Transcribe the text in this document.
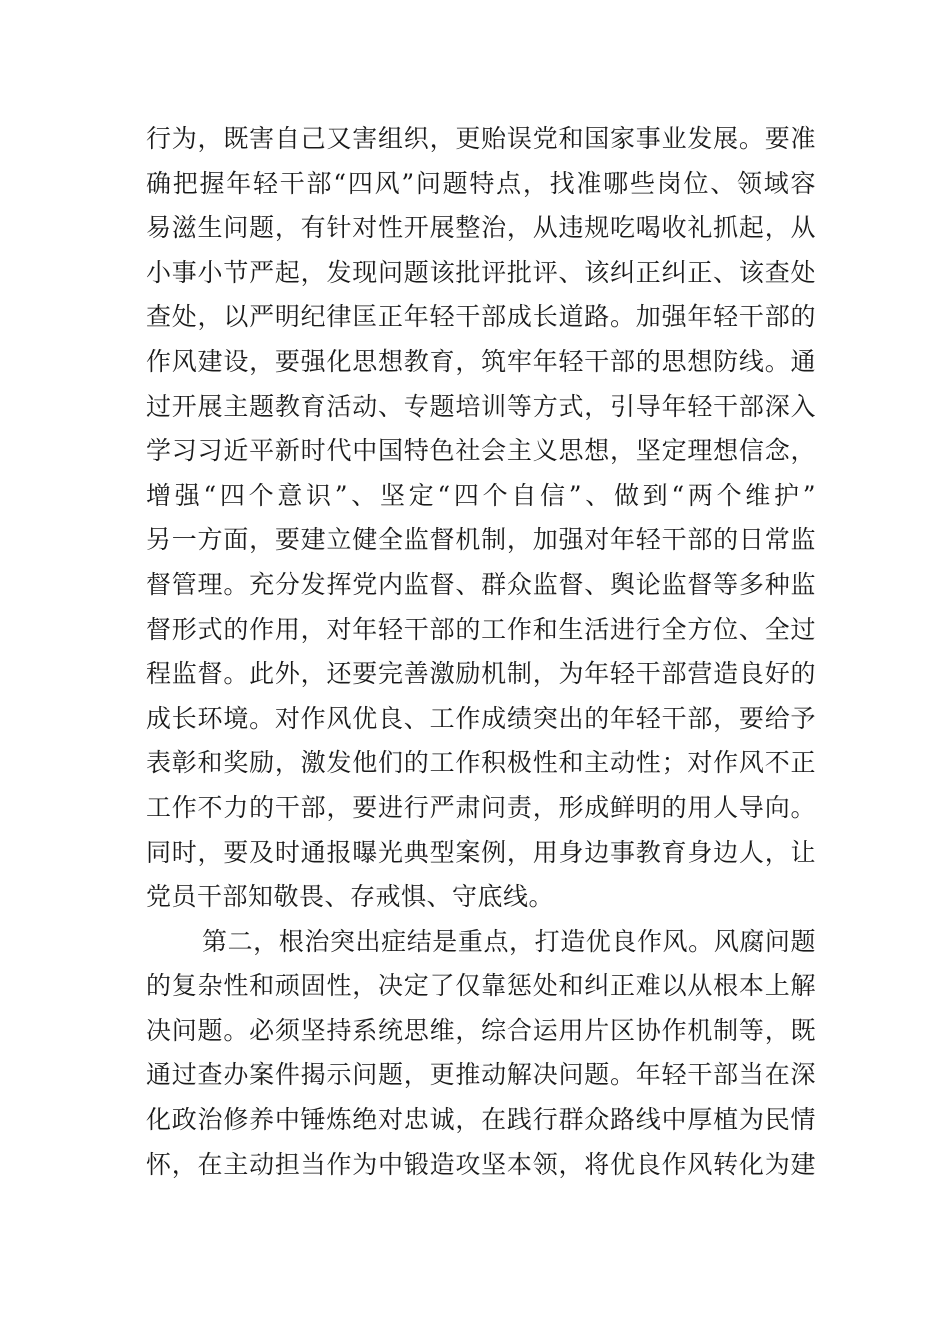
行为，既害自己又害组织，更贻误党和国家事业发展。要准
确把握年轻干部“四风”问题特点，找准哪些岗位、领域容
易滋生问题，有针对性开展整治，从违规吃喝收礼抓起，从
小事小节严起，发现问题该批评批评、该纠正纠正、该查处
查处，以严明纪律匡正年轻干部成长道路。加强年轻干部的
作风建设，要强化思想教育，筑牢年轻干部的思想防线。通
过开展主题教育活动、专题培训等方式，引导年轻干部深入
学习习近平新时代中国特色社会主义思想，坚定理想信念，
增强“四个意识”、坚定“四个自信”、做到“两个维护”
另一方面，要建立健全监督机制，加强对年轻干部的日常监
督管理。充分发挥党内监督、群众监督、舆论监督等多种监
督形式的作用，对年轻干部的工作和生活进行全方位、全过
程监督。此外，还要完善激励机制，为年轻干部营造良好的
成长环境。对作风优良、工作成绩突出的年轻干部，要给予
表彰和奖励，激发他们的工作积极性和主动性；对作风不正
工作不力的干部，要进行严肃问责，形成鲜明的用人导向。
同时，要及时通报曝光典型案例，用身边事教育身边人，让
党员干部知敬畏、存戒惧、守底线。
第二，根治突出症结是重点，打造优良作风。风腐问题
的复杂性和顽固性，决定了仅靠惩处和纠正难以从根本上解
决问题。必须坚持系统思维，综合运用片区协作机制等，既
通过查办案件揭示问题，更推动解决问题。年轻干部当在深
化政治修养中锤炼绝对忠诚，在践行群众路线中厚植为民情
怀，在主动担当作为中锻造攻坚本领，将优良作风转化为建
